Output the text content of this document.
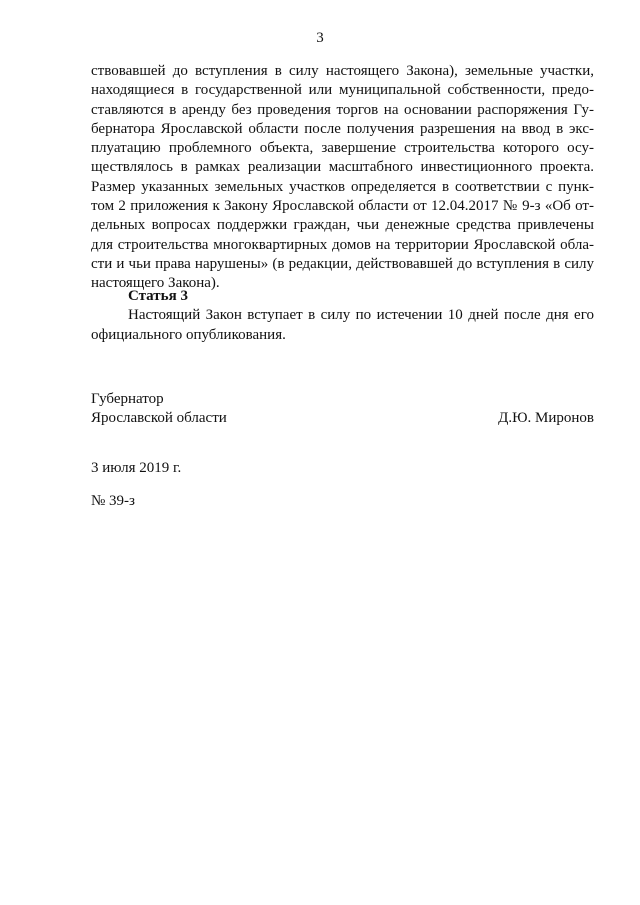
3
ствовавшей до вступления в силу настоящего Закона), земельные участки,
находящиеся в государственной или муниципальной собственности, предо-
ставляются в аренду без проведения торгов на основании распоряжения Гу-
бернатора Ярославской области после получения разрешения на ввод в экс-
плуатацию проблемного объекта, завершение строительства которого осу-
ществлялось в рамках реализации масштабного инвестиционного проекта.
Размер указанных земельных участков определяется в соответствии с пунк-
том 2 приложения к Закону Ярославской области от 12.04.2017 № 9-з «Об от-
дельных вопросах поддержки граждан, чьи денежные средства привлечены
для строительства многоквартирных домов на территории Ярославской обла-
сти и чьи права нарушены» (в редакции, действовавшей до вступления в силу
настоящего Закона).
Статья 3
Настоящий Закон вступает в силу по истечении 10 дней после дня его
официального опубликования.
Губернатор
Ярославской области	Д.Ю. Миронов
3 июля 2019 г.
№ 39-з
